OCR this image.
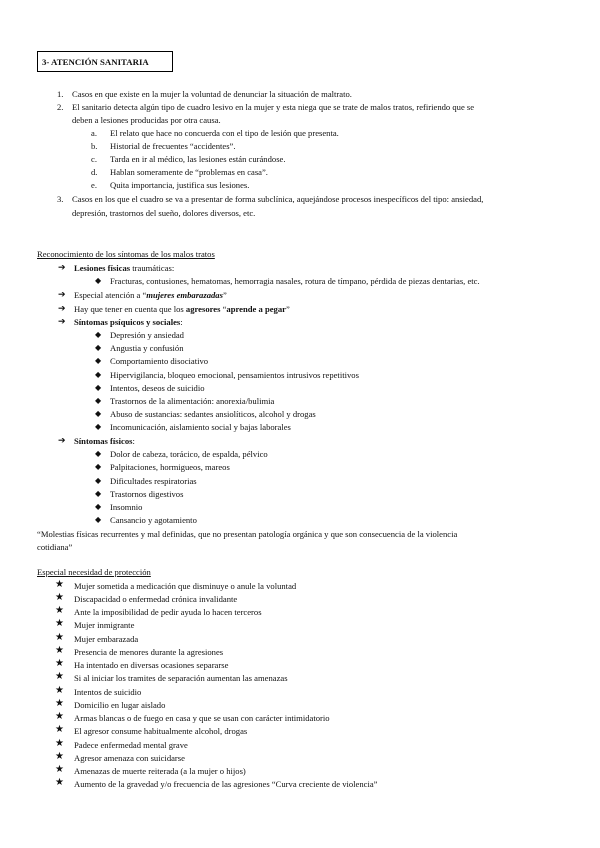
3- ATENCIÓN SANITARIA
1. Casos en que existe en la mujer la voluntad de denunciar la situación de maltrato.
2. El sanitario detecta algún tipo de cuadro lesivo en la mujer y esta niega que se trate de malos tratos, refiriendo que se
deben a lesiones producidas por otra causa.
a. El relato que hace no concuerda con el tipo de lesión que presenta.
b. Historial de frecuentes “accidentes”.
c. Tarda en ir al médico, las lesiones están curándose.
d. Hablan someramente de “problemas en casa”.
e. Quita importancia, justifica sus lesiones.
3. Casos en los que el cuadro se va a presentar de forma subclínica, aquejándose procesos inespecíficos del tipo: ansiedad,
depresión, trastornos del sueño, dolores diversos, etc.
Reconocimiento de los síntomas de los malos tratos
➔ Lesiones físicas traumáticas:
◆ Fracturas, contusiones, hematomas, hemorragia nasales, rotura de tímpano, pérdida de piezas dentarias, etc.
➔ Especial atención a “mujeres embarazadas”
➔ Hay que tener en cuenta que los agresores “aprende a pegar”
➔ Síntomas psíquicos y sociales:
◆ Depresión y ansiedad
◆ Angustia y confusión
◆ Comportamiento disociativo
◆ Hipervigilancia, bloqueo emocional, pensamientos intrusivos repetitivos
◆ Intentos, deseos de suicidio
◆ Trastornos de la alimentación: anorexia/bulimia
◆ Abuso de sustancias: sedantes ansiolíticos, alcohol y drogas
◆ Incomunicación, aislamiento social y bajas laborales
➔ Síntomas físicos:
◆ Dolor de cabeza, torácico, de espalda, pélvico
◆ Palpitaciones, hormigueos, mareos
◆ Dificultades respiratorias
◆ Trastornos digestivos
◆ Insomnio
◆ Cansancio y agotamiento
“Molestias físicas recurrentes y mal definidas, que no presentan patología orgánica y que son consecuencia de la violencia
cotidiana”
Especial necesidad de protección
★ Mujer sometida a medicación que disminuye o anule la voluntad
★ Discapacidad o enfermedad crónica invalidante
★ Ante la imposibilidad de pedir ayuda lo hacen terceros
★ Mujer inmigrante
★ Mujer embarazada
★ Presencia de menores durante la agresiones
★ Ha intentado en diversas ocasiones separarse
★ Si al iniciar los tramites de separación aumentan las amenazas
★ Intentos de suicidio
★ Domicilio en lugar aislado
★ Armas blancas o de fuego en casa y que se usan con carácter intimidatorio
★ El agresor consume habitualmente alcohol, drogas
★ Padece enfermedad mental grave
★ Agresor amenaza con suicidarse
★ Amenazas de muerte reiterada (a la mujer o hijos)
★ Aumento de la gravedad y/o frecuencia de las agresiones “Curva creciente de violencia”
